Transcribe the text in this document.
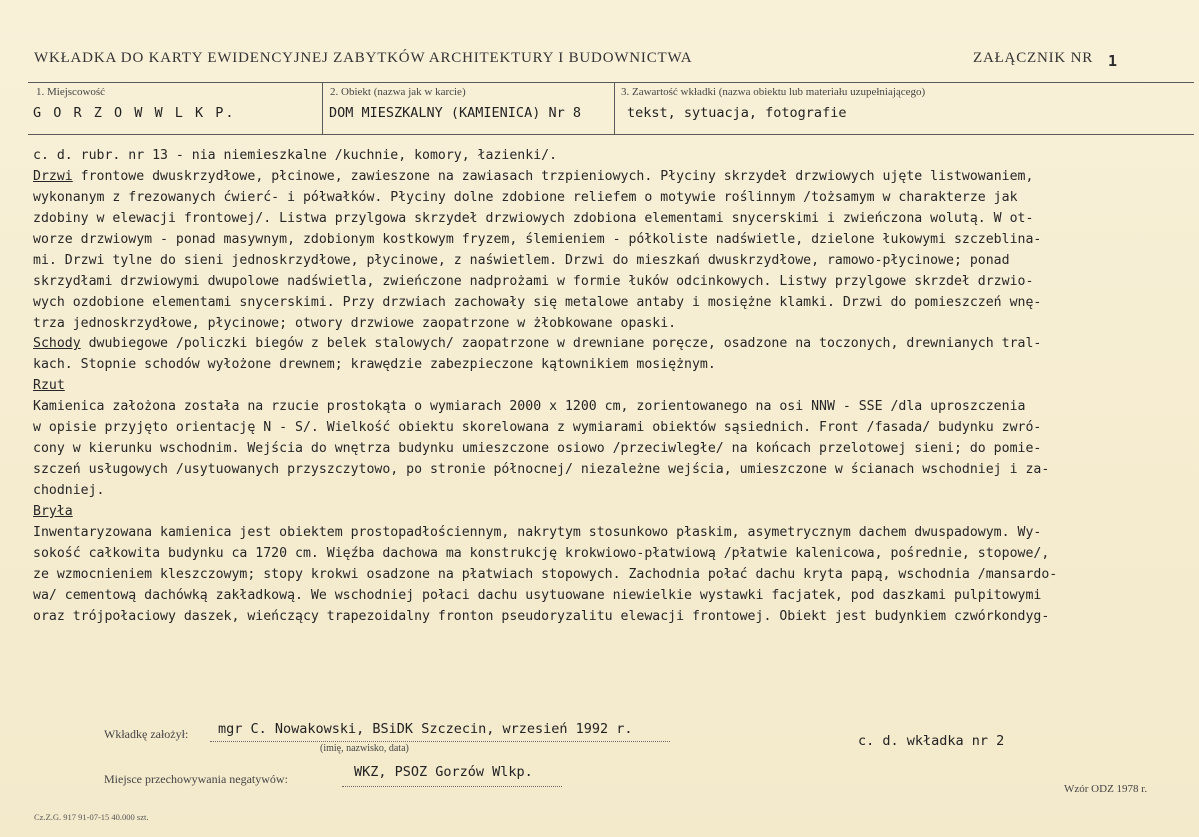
WKŁADKA DO KARTY EWIDENCYJNEJ ZABYTKÓW ARCHITEKTURY I BUDOWNICTWA	ZAŁĄCZNIK NR 1
1. Miejscowość
G O R Z O W W L K P.
2. Obiekt (nazwa jak w karcie)
DOM MIESZKALNY (KAMIENICA) Nr 8
3. Zawartość wkładki (nazwa obiektu lub materiału uzupełniającego)
tekst, sytuacja, fotografie
c. d. rubr. nr 13 - nia niemieszkalne /kuchnie, komory, łazienki/.
Drzwi frontowe dwuskrzydłowe, płcinowe, zawieszone na zawiasach trzpieniowych. Płyciny skrzydeł drzwiowych ujęte listwowaniem,
wykonanym z frezowanych ćwierć- i półwałków. Płyciny dolne zdobione reliefem o motywie roślinnym /tożsamym w charakterze jak
zdobiny w elewacji frontowej/. Listwa przylgowa skrzydeł drzwiowych zdobiona elementami snycerskimi i zwieńczona wolutą. W ot-
worze drzwiowym - ponad masywnym, zdobionym kostkowym fryzem, ślemieniem - półkoliste nadświetle, dzielone łukowymi szczeblina-
mi. Drzwi tylne do sieni jednoskrzydłowe, płycinowe, z naświetlem. Drzwi do mieszkań dwuskrzydłowe, ramowo-płycinowe; ponad
skrzydłami drzwiowymi dwupolowe nadświetla, zwieńczone nadprożami w formie łuków odcinkowych. Listwy przylgowe skrzdeł drzwio-
wych ozdobione elementami snycerskimi. Przy drzwiach zachowały się metalowe antaby i mosiężne klamki. Drzwi do pomieszczeń wnę-
trza jednoskrzydłowe, płycinowe; otwory drzwiowe zaopatrzone w żłobkowane opaski.
Schody dwubiegowe /policzki biegów z belek stalowych/ zaopatrzone w drewniane poręcze, osadzone na toczonych, drewnianych tral-
kach. Stopnie schodów wyłożone drewnem; krawędzie zabezpieczone kątownikiem mosiężnym.
Rzut
Kamienica założona została na rzucie prostokąta o wymiarach 2000 x 1200 cm, zorientowanego na osi NNW - SSE /dla uproszczenia
w opisie przyjęto orientację N - S/. Wielkość obiektu skorelowana z wymiarami obiektów sąsiednich. Front /fasada/ budynku zwró-
cony w kierunku wschodnim. Wejścia do wnętrza budynku umieszczone osiowo /przeciwległe/ na końcach przelotowej sieni; do pomie-
szczeń usługowych /usytuowanych przyszczytowo, po stronie północnej/ niezależne wejścia, umieszczone w ścianach wschodniej i za-
chodniej.
Bryła
Inwentaryzowana kamienica jest obiektem prostopadłościennym, nakrytym stosunkowo płaskim, asymetrycznym dachem dwuspadowym. Wy-
sokość całkowita budynku ca 1720 cm. Więźba dachowa ma konstrukcję krokwiowo-płatwiową /płatwie kalenicowa, pośrednie, stopowe/,
ze wzmocnieniem kleszczowym; stopy krokwi osadzone na płatwiach stopowych. Zachodnia połać dachu kryta papą, wschodnia /mansardo-
wa/ cementową dachówką zakładkową. We wschodniej połaci dachu usytuowane niewielkie wystawki facjatek, pod daszkami pulpitowymi
oraz trójpołaciowy daszek, wieńczący trapezoidalny fronton pseudoryzalitu elewacji frontowej. Obiekt jest budynkiem czwórkondyg-
Wkładkę założył: mgr C. Nowakowski, BSiDK Szczecin, wrzesień 1992 r.
(imię, nazwisko, data)	c. d. wkładka nr 2
Miejsce przechowywania negatywów:	WKZ, PSOZ Gorzów Wlkp.
Cz.Z.G. 917 91-07-15 40.000 szt.
Wzór ODZ 1978 r.
